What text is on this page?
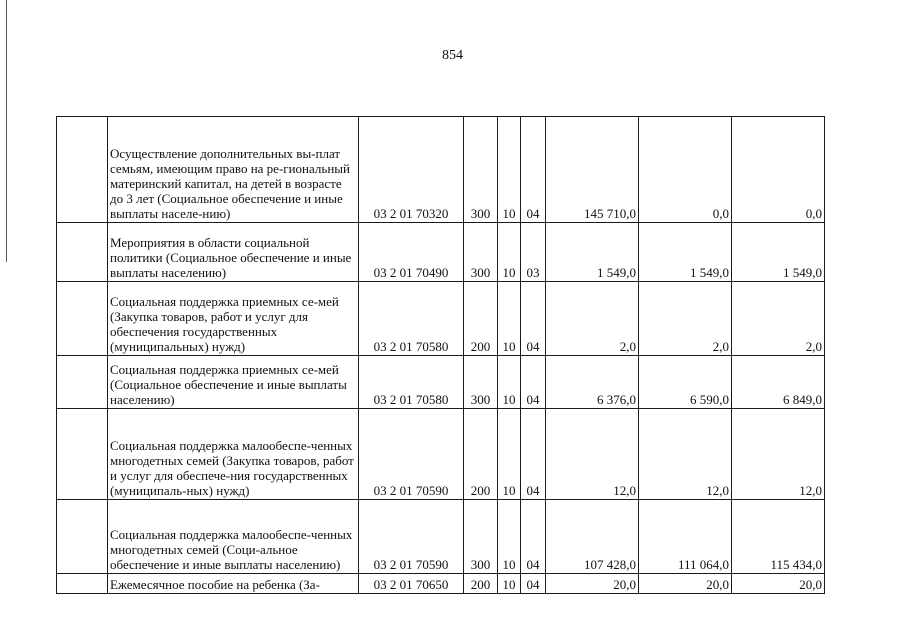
854
	Осуществление дополнительных вы-плат семьям, имеющим право на ре-гиональный материнский капитал, на детей в возрасте до 3 лет (Социальное обеспечение и иные выплаты населе-нию)	03 2 01 70320	300	10	04	145 710,0	0,0	0,0
	Мероприятия в области социальной политики (Социальное обеспечение и иные выплаты населению)	03 2 01 70490	300	10	03	1 549,0	1 549,0	1 549,0
	Социальная поддержка приемных се-мей (Закупка товаров, работ и услуг для обеспечения государственных (муниципальных) нужд)	03 2 01 70580	200	10	04	2,0	2,0	2,0
	Социальная поддержка приемных се-мей (Социальное обеспечение и иные выплаты населению)	03 2 01 70580	300	10	04	6 376,0	6 590,0	6 849,0
	Социальная поддержка малообеспе-ченных многодетных семей (Закупка товаров, работ и услуг для обеспече-ния государственных (муниципаль-ных) нужд)	03 2 01 70590	200	10	04	12,0	12,0	12,0
	Социальная поддержка малообеспе-ченных многодетных семей (Соци-альное обеспечение и иные выплаты населению)	03 2 01 70590	300	10	04	107 428,0	111 064,0	115 434,0
	Ежемесячное пособие на ребенка (За-	03 2 01 70650	200	10	04	20,0	20,0	20,0
